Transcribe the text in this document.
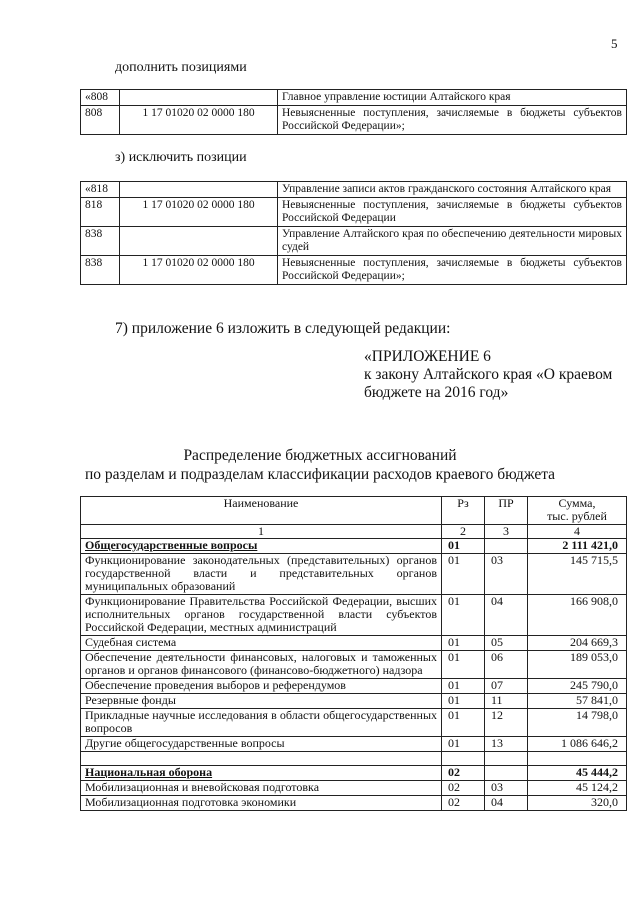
5
дополнить позициями
«808		Главное управление юстиции Алтайского края
808	1 17 01020 02 0000 180	Невыясненные поступления, зачисляемые в бюджеты субъектов Российской Федерации»;
з) исключить позиции
«818		Управление записи актов гражданского состояния Алтайского края
818	1 17 01020 02 0000 180	Невыясненные поступления, зачисляемые в бюджеты субъектов Российской Федерации
838		Управление Алтайского края по обеспечению деятельности мировых судей
838	1 17 01020 02 0000 180	Невыясненные поступления, зачисляемые в бюджеты субъектов Российской Федерации»;
7) приложение 6 изложить в следующей редакции:
«ПРИЛОЖЕНИЕ 6
к закону Алтайского края «О краевом
бюджете на 2016 год»
Распределение бюджетных ассигнований
по разделам и подразделам классификации расходов краевого бюджета
Наименование	Рз	ПР	Сумма,
тыс. рублей

1	2	3	4
Общегосударственные вопросы	01		2 111 421,0
Функционирование законодательных (представительных) органов государственной власти и представительных органов муниципальных образований	01	03	145 715,5
Функционирование Правительства Российской Федерации, высших исполнительных органов государственной власти субъектов Российской Федерации, местных администраций	01	04	166 908,0
Судебная система	01	05	204 669,3
Обеспечение деятельности финансовых, налоговых и таможенных органов и органов финансового (финансово-бюджетного) надзора	01	06	189 053,0
Обеспечение проведения выборов и референдумов	01	07	245 790,0
Резервные фонды	01	11	57 841,0
Прикладные научные исследования в области общегосударственных вопросов	01	12	14 798,0
Другие общегосударственные вопросы	01	13	1 086 646,2

Национальная оборона	02		45 444,2
Мобилизационная и вневойсковая подготовка	02	03	45 124,2
Мобилизационная подготовка экономики	02	04	320,0
